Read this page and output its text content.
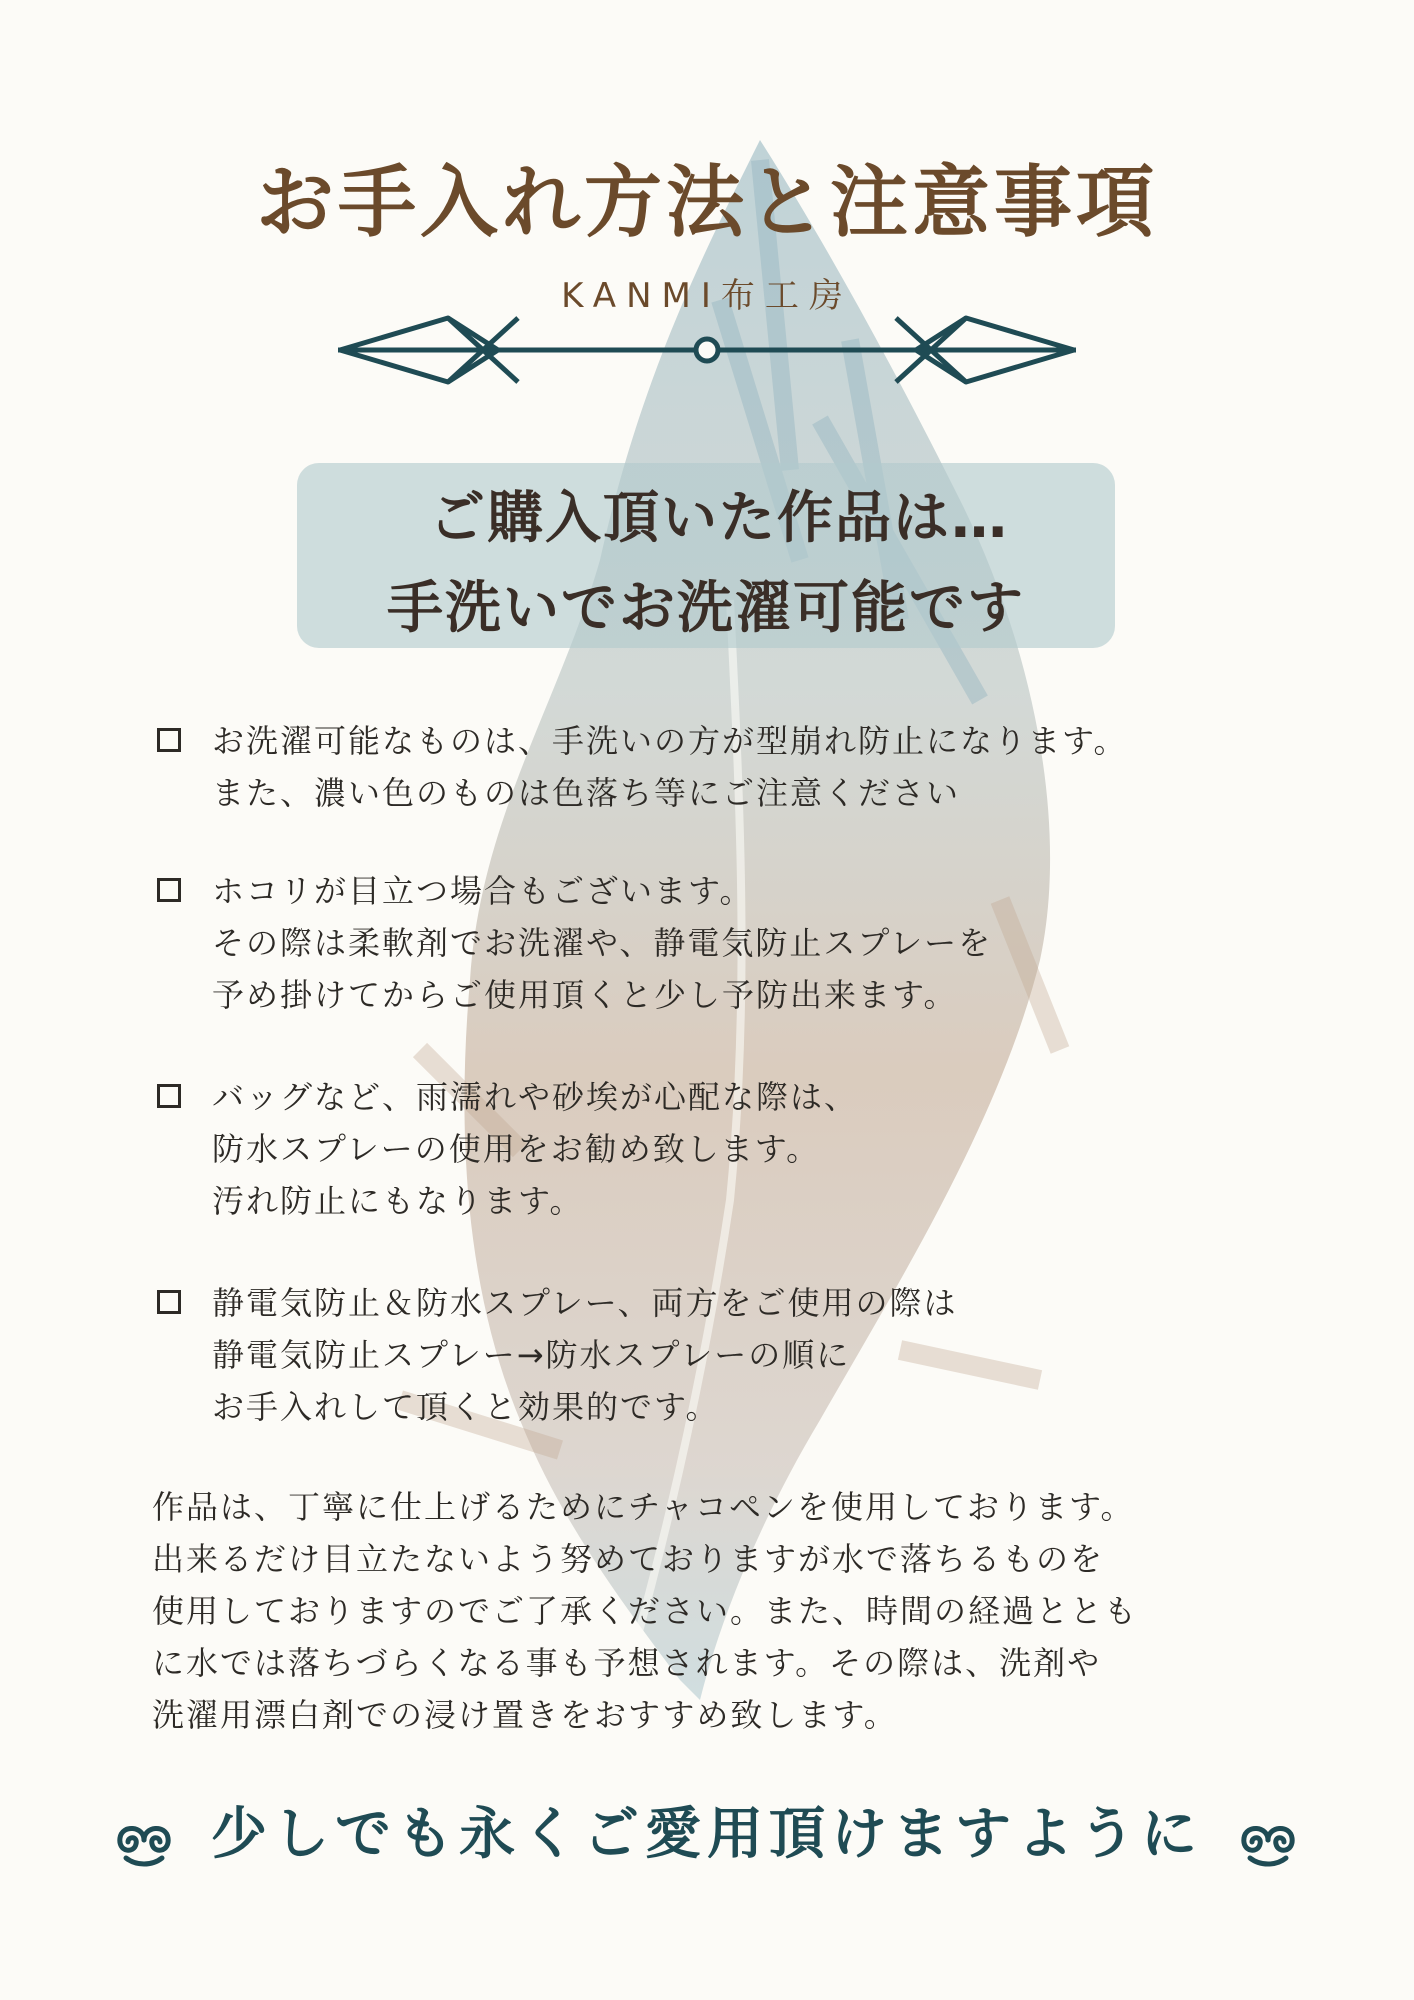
お手入れ方法と注意事項
KANMI布工房
ご購入頂いた作品は…
手洗いでお洗濯可能です
お洗濯可能なものは、手洗いの方が型崩れ防止になります。
また、濃い色のものは色落ち等にご注意ください
ホコリが目立つ場合もございます。
その際は柔軟剤でお洗濯や、静電気防止スプレーを
予め掛けてからご使用頂くと少し予防出来ます。
バッグなど、雨濡れや砂埃が心配な際は、
防水スプレーの使用をお勧め致します。
汚れ防止にもなります。
静電気防止＆防水スプレー、両方をご使用の際は
静電気防止スプレー→防水スプレーの順に
お手入れして頂くと効果的です。
作品は、丁寧に仕上げるためにチャコペンを使用しております。
出来るだけ目立たないよう努めておりますが水で落ちるものを
使用しておりますのでご了承ください。また、時間の経過ととも
に水では落ちづらくなる事も予想されます。その際は、洗剤や
洗濯用漂白剤での浸け置きをおすすめ致します。
少しでも永くご愛用頂けますように
